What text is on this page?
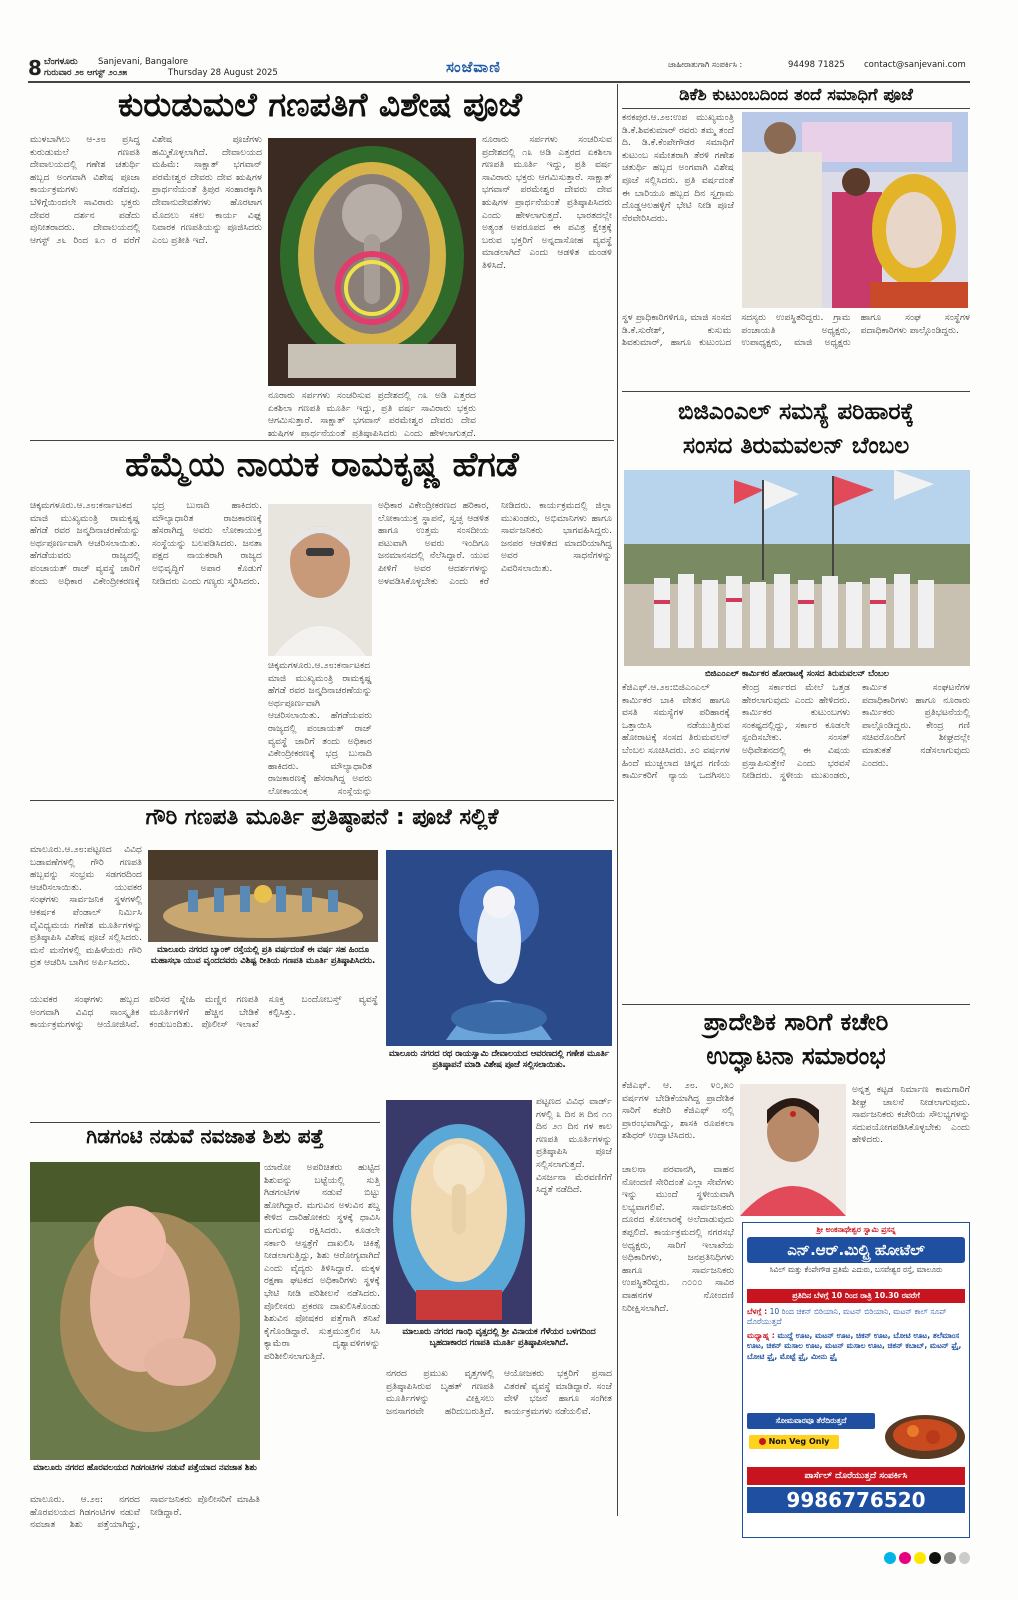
8 ಬೆಂಗಳೂರು Sanjevani, Bangalore
ಗುರುವಾರ ೨೮ ಆಗಸ್ಟ್ ೨೦೨೫	Thursday 28 August 2025	ಸಂಜೆವಾಣಿ	ಜಾಹೀರಾತುಗಾಗಿ ಸಂಪರ್ಕಿಸಿ :	94498 71825 contact@sanjevani.com
ಕುರುಡುಮಲೆ ಗಣಪತಿಗೆ ವಿಶೇಷ ಪೂಜೆ
ಮುಳಬಾಗಿಲು ಆ-೨೮ ಪ್ರಸಿದ್ಧ ಕುರುಡುಮಲೆ ಗಣಪತಿ ದೇವಾಲಯದಲ್ಲಿ ಗಣೇಶ ಚತುರ್ಥಿ ಹಬ್ಬದ ಅಂಗವಾಗಿ ವಿಶೇಷ ಪೂಜಾ ಕಾರ್ಯಕ್ರಮಗಳು ನಡೆದವು. ಬೆಳಿಗ್ಗೆಯಿಂದಲೇ ಸಾವಿರಾರು ಭಕ್ತರು ದೇವರ ದರ್ಶನ ಪಡೆದು ಪುನೀತರಾದರು. ದೇವಾಲಯದಲ್ಲಿ ಆಗಸ್ಟ್ ೨೬ ರಿಂದ ೩೧ ರ ವರೆಗೆ ವಿಶೇಷ ಪೂಜೆಗಳು ಹಮ್ಮಿಕೊಳ್ಳಲಾಗಿದೆ. ದೇವಾಲಯದ ಮಹಿಮೆ: ಸಾಕ್ಷಾತ್ ಭಗವಾನ್ ಪರಮೇಶ್ವರ ದೇವರು ದೇವ ಋಷಿಗಳ ಪ್ರಾರ್ಥನೆಯಂತೆ ತ್ರಿಪುರ ಸಂಹಾರಕ್ಕಾಗಿ ದೇವಾನುದೇವತೆಗಳು ಹೊರಟಾಗ ಮೊದಲು ಸಕಲ ಕಾರ್ಯ ವಿಘ್ನ ನಿವಾರಕ ಗಣಪತಿಯನ್ನು ಪೂಜಿಸಿದರು ಎಂಬ ಪ್ರತೀತಿ ಇದೆ.
ನೂರಾರು ಸರ್ಪಗಳು ಸಂಚರಿಸುವ ಪ್ರದೇಶದಲ್ಲಿ ೧೩ ಅಡಿ ಎತ್ತರದ ಏಕಶಿಲಾ ಗಣಪತಿ ಮೂರ್ತಿ ಇದ್ದು, ಪ್ರತಿ ವರ್ಷ ಸಾವಿರಾರು ಭಕ್ತರು ಆಗಮಿಸುತ್ತಾರೆ. ಸಾಕ್ಷಾತ್ ಭಗವಾನ್ ಪರಮೇಶ್ವರ ದೇವರು ದೇವ ಋಷಿಗಳ ಪ್ರಾರ್ಥನೆಯಂತೆ ಪ್ರತಿಷ್ಠಾಪಿಸಿದರು ಎಂದು ಹೇಳಲಾಗುತ್ತದೆ.
ನೂರಾರು ಸರ್ಪಗಳು ಸಂಚರಿಸುವ ಪ್ರದೇಶದಲ್ಲಿ ೧೩ ಅಡಿ ಎತ್ತರದ ಏಕಶಿಲಾ ಗಣಪತಿ ಮೂರ್ತಿ ಇದ್ದು, ಪ್ರತಿ ವರ್ಷ ಸಾವಿರಾರು ಭಕ್ತರು ಆಗಮಿಸುತ್ತಾರೆ. ಸಾಕ್ಷಾತ್ ಭಗವಾನ್ ಪರಮೇಶ್ವರ ದೇವರು ದೇವ ಋಷಿಗಳ ಪ್ರಾರ್ಥನೆಯಂತೆ ಪ್ರತಿಷ್ಠಾಪಿಸಿದರು ಎಂದು ಹೇಳಲಾಗುತ್ತದೆ. ಭಾರತದಲ್ಲೇ ಅತ್ಯಂತ ಅಪರೂಪದ ಈ ಪವಿತ್ರ ಕ್ಷೇತ್ರಕ್ಕೆ ಬರುವ ಭಕ್ತರಿಗೆ ಅನ್ನದಾಸೋಹ ವ್ಯವಸ್ಥೆ ಮಾಡಲಾಗಿದೆ ಎಂದು ಆಡಳಿತ ಮಂಡಳಿ ತಿಳಿಸಿದೆ.
ಡಿಕೆಶಿ ಕುಟುಂಬದಿಂದ ತಂದೆ ಸಮಾಧಿಗೆ ಪೂಜೆ
ಕನಕಪುರ.ಆ.೨೮:ಉಪ ಮುಖ್ಯಮಂತ್ರಿ ಡಿ.ಕೆ.ಶಿವಕುಮಾರ್ ರವರು ತಮ್ಮ ತಂದೆ ದಿ. ಡಿ.ಕೆ.ಕೆಂಪೇಗೌಡರ ಸಮಾಧಿಗೆ ಕುಟುಂಬ ಸಮೇತರಾಗಿ ತೆರಳಿ ಗಣೇಶ ಚತುರ್ಥಿ ಹಬ್ಬದ ಅಂಗವಾಗಿ ವಿಶೇಷ ಪೂಜೆ ಸಲ್ಲಿಸಿದರು. ಪ್ರತಿ ವರ್ಷದಂತೆ ಈ ಬಾರಿಯೂ ಹಬ್ಬದ ದಿನ ಸ್ವಗ್ರಾಮ ದೊಡ್ಡಆಲಹಳ್ಳಿಗೆ ಭೇಟಿ ನೀಡಿ ಪೂಜೆ ನೆರವೇರಿಸಿದರು.
ಸ್ಥಳ ಪ್ರಾಧಿಕಾರಿಗಳಿಗೂ, ಮಾಜಿ ಸಂಸದ ಡಿ.ಕೆ.ಸುರೇಶ್, ಕುಸುಮ ಶಿವಕುಮಾರ್, ಹಾಗೂ ಕುಟುಂಬದ ಸದಸ್ಯರು ಉಪಸ್ಥಿತರಿದ್ದರು. ಗ್ರಾಮ ಪಂಚಾಯತಿ ಅಧ್ಯಕ್ಷರು, ಉಪಾಧ್ಯಕ್ಷರು, ಮಾಜಿ ಅಧ್ಯಕ್ಷರು ಹಾಗೂ ಸಂಘ ಸಂಸ್ಥೆಗಳ ಪದಾಧಿಕಾರಿಗಳು ಪಾಲ್ಗೊಂಡಿದ್ದರು.
ಹೆಮ್ಮೆಯ ನಾಯಕ ರಾಮಕೃಷ್ಣ ಹೆಗಡೆ
ಚಿಕ್ಕಮಗಳೂರು.ಆ.೨೮:ಕರ್ನಾಟಕದ ಮಾಜಿ ಮುಖ್ಯಮಂತ್ರಿ ರಾಮಕೃಷ್ಣ ಹೆಗಡೆ ರವರ ಜನ್ಮದಿನಾಚರಣೆಯನ್ನು ಅರ್ಥಪೂರ್ಣವಾಗಿ ಆಚರಿಸಲಾಯಿತು. ಹೆಗಡೆಯವರು ರಾಜ್ಯದಲ್ಲಿ ಪಂಚಾಯತ್ ರಾಜ್ ವ್ಯವಸ್ಥೆ ಜಾರಿಗೆ ತಂದು ಅಧಿಕಾರ ವಿಕೇಂದ್ರೀಕರಣಕ್ಕೆ ಭದ್ರ ಬುನಾದಿ ಹಾಕಿದರು. ಮೌಲ್ಯಾಧಾರಿತ ರಾಜಕಾರಣಕ್ಕೆ ಹೆಸರಾಗಿದ್ದ ಅವರು ಲೋಕಾಯುಕ್ತ ಸಂಸ್ಥೆಯನ್ನು ಬಲಪಡಿಸಿದರು. ಜನತಾ ಪಕ್ಷದ ನಾಯಕರಾಗಿ ರಾಜ್ಯದ ಅಭಿವೃದ್ಧಿಗೆ ಅಪಾರ ಕೊಡುಗೆ ನೀಡಿದರು ಎಂದು ಗಣ್ಯರು ಸ್ಮರಿಸಿದರು.
ಚಿಕ್ಕಮಗಳೂರು.ಆ.೨೮:ಕರ್ನಾಟಕದ ಮಾಜಿ ಮುಖ್ಯಮಂತ್ರಿ ರಾಮಕೃಷ್ಣ ಹೆಗಡೆ ರವರ ಜನ್ಮದಿನಾಚರಣೆಯನ್ನು ಅರ್ಥಪೂರ್ಣವಾಗಿ ಆಚರಿಸಲಾಯಿತು. ಹೆಗಡೆಯವರು ರಾಜ್ಯದಲ್ಲಿ ಪಂಚಾಯತ್ ರಾಜ್ ವ್ಯವಸ್ಥೆ ಜಾರಿಗೆ ತಂದು ಅಧಿಕಾರ ವಿಕೇಂದ್ರೀಕರಣಕ್ಕೆ ಭದ್ರ ಬುನಾದಿ ಹಾಕಿದರು. ಮೌಲ್ಯಾಧಾರಿತ ರಾಜಕಾರಣಕ್ಕೆ ಹೆಸರಾಗಿದ್ದ ಅವರು ಲೋಕಾಯುಕ್ತ ಸಂಸ್ಥೆಯನ್ನು
ಅಧಿಕಾರ ವಿಕೇಂದ್ರೀಕರಣದ ಹರಿಕಾರ, ಲೋಕಾಯುಕ್ತ ಸ್ಥಾಪನೆ, ಸ್ವಚ್ಛ ಆಡಳಿತ ಹಾಗೂ ಉತ್ತಮ ಸಂಸದೀಯ ಪಟುವಾಗಿ ಅವರು ಇಂದಿಗೂ ಜನಮಾನಸದಲ್ಲಿ ನೆಲೆಸಿದ್ದಾರೆ. ಯುವ ಪೀಳಿಗೆ ಅವರ ಆದರ್ಶಗಳನ್ನು ಅಳವಡಿಸಿಕೊಳ್ಳಬೇಕು ಎಂದು ಕರೆ ನೀಡಿದರು. ಕಾರ್ಯಕ್ರಮದಲ್ಲಿ ಜಿಲ್ಲಾ ಮುಖಂಡರು, ಅಭಿಮಾನಿಗಳು ಹಾಗೂ ಸಾರ್ವಜನಿಕರು ಭಾಗವಹಿಸಿದ್ದರು. ಜನಪರ ಆಡಳಿತದ ಮಾದರಿಯಾಗಿದ್ದ ಅವರ ಸಾಧನೆಗಳನ್ನು ವಿವರಿಸಲಾಯಿತು.
ಬಿಜಿಎಂಎಲ್ ಸಮಸ್ಯೆ ಪರಿಹಾರಕ್ಕೆ
ಸಂಸದ ತಿರುಮವಲನ್ ಬೆಂಬಲ
ಬಿಜಿಎಂಎಲ್ ಕಾರ್ಮಿಕರ ಹೋರಾಟಕ್ಕೆ ಸಂಸದ ತಿರುಮವಲನ್ ಬೆಂಬಲ
ಕೆಜಿಎಫ್.ಆ.೨೮:ಬಿಜಿಎಂಎಲ್ ಕಾರ್ಮಿಕರ ಬಾಕಿ ವೇತನ ಹಾಗೂ ವಸತಿ ಸಮಸ್ಯೆಗಳ ಪರಿಹಾರಕ್ಕೆ ಒತ್ತಾಯಿಸಿ ನಡೆಯುತ್ತಿರುವ ಹೋರಾಟಕ್ಕೆ ಸಂಸದ ತಿರುಮವಲನ್ ಬೆಂಬಲ ಸೂಚಿಸಿದರು. ೨೦ ವರ್ಷಗಳ ಹಿಂದೆ ಮುಚ್ಚಲಾದ ಚಿನ್ನದ ಗಣಿಯ ಕಾರ್ಮಿಕರಿಗೆ ನ್ಯಾಯ ಒದಗಿಸಲು ಕೇಂದ್ರ ಸರ್ಕಾರದ ಮೇಲೆ ಒತ್ತಡ ಹೇರಲಾಗುವುದು ಎಂದು ಹೇಳಿದರು. ಕಾರ್ಮಿಕರ ಕುಟುಂಬಗಳು ಸಂಕಷ್ಟದಲ್ಲಿದ್ದು, ಸರ್ಕಾರ ಕೂಡಲೇ ಸ್ಪಂದಿಸಬೇಕು. ಸಂಸತ್ ಅಧಿವೇಶನದಲ್ಲಿ ಈ ವಿಷಯ ಪ್ರಸ್ತಾಪಿಸುತ್ತೇನೆ ಎಂದು ಭರವಸೆ ನೀಡಿದರು. ಸ್ಥಳೀಯ ಮುಖಂಡರು, ಕಾರ್ಮಿಕ ಸಂಘಟನೆಗಳ ಪದಾಧಿಕಾರಿಗಳು ಹಾಗೂ ನೂರಾರು ಕಾರ್ಮಿಕರು ಪ್ರತಿಭಟನೆಯಲ್ಲಿ ಪಾಲ್ಗೊಂಡಿದ್ದರು. ಕೇಂದ್ರ ಗಣಿ ಸಚಿವರೊಂದಿಗೆ ಶೀಘ್ರದಲ್ಲೇ ಮಾತುಕತೆ ನಡೆಸಲಾಗುವುದು ಎಂದರು.
ಗೌರಿ ಗಣಪತಿ ಮೂರ್ತಿ ಪ್ರತಿಷ್ಠಾಪನೆ : ಪೂಜೆ ಸಲ್ಲಿಕೆ
ಮಾಲೂರು.ಆ.೨೮:ಪಟ್ಟಣದ ವಿವಿಧ ಬಡಾವಣೆಗಳಲ್ಲಿ ಗೌರಿ ಗಣಪತಿ ಹಬ್ಬವನ್ನು ಸಂಭ್ರಮ ಸಡಗರದಿಂದ ಆಚರಿಸಲಾಯಿತು. ಯುವಕರ ಸಂಘಗಳು ಸಾರ್ವಜನಿಕ ಸ್ಥಳಗಳಲ್ಲಿ ಆಕರ್ಷಕ ಪೆಂಡಾಲ್ ನಿರ್ಮಿಸಿ ವೈವಿಧ್ಯಮಯ ಗಣೇಶ ಮೂರ್ತಿಗಳನ್ನು ಪ್ರತಿಷ್ಠಾಪಿಸಿ ವಿಶೇಷ ಪೂಜೆ ಸಲ್ಲಿಸಿದರು. ಮನೆ ಮನೆಗಳಲ್ಲಿ ಮಹಿಳೆಯರು ಗೌರಿ ವ್ರತ ಆಚರಿಸಿ ಬಾಗಿನ ಅರ್ಪಿಸಿದರು.
ಮಾಲೂರು ನಗರದ ಬ್ಯಾಂಕ್ ರಸ್ತೆಯಲ್ಲಿ ಪ್ರತಿ ವರ್ಷದಂತೆ ಈ ವರ್ಷ ಸಹ ಹಿಂದೂ ಮಹಾಸಭಾ ಯುವ ವೃಂದದವರು ವಿಶಿಷ್ಟ ರೀತಿಯ ಗಣಪತಿ ಮೂರ್ತಿ ಪ್ರತಿಷ್ಠಾಪಿಸಿದರು.
ಮಾಲೂರು ನಗರದ ರಥ ರಾಯಸ್ವಾಮಿ ದೇವಾಲಯದ ಆವರಣದಲ್ಲಿ ಗಣೇಶ ಮೂರ್ತಿ ಪ್ರತಿಷ್ಠಾಪನೆ ಮಾಡಿ ವಿಶೇಷ ಪೂಜೆ ಸಲ್ಲಿಸಲಾಯಿತು.
ಯುವಕರ ಸಂಘಗಳು ಹಬ್ಬದ ಅಂಗವಾಗಿ ವಿವಿಧ ಸಾಂಸ್ಕೃತಿಕ ಕಾರ್ಯಕ್ರಮಗಳನ್ನು ಆಯೋಜಿಸಿವೆ. ಪರಿಸರ ಸ್ನೇಹಿ ಮಣ್ಣಿನ ಗಣಪತಿ ಮೂರ್ತಿಗಳಿಗೆ ಹೆಚ್ಚಿನ ಬೇಡಿಕೆ ಕಂಡುಬಂದಿತು. ಪೊಲೀಸ್ ಇಲಾಖೆ ಸೂಕ್ತ ಬಂದೋಬಸ್ತ್ ವ್ಯವಸ್ಥೆ ಕಲ್ಪಿಸಿತ್ತು.
ಮಾಲೂರು ನಗರದ ಗಾಂಧಿ ವೃತ್ತದಲ್ಲಿ ಶ್ರೀ ವಿನಾಯಕ ಗೆಳೆಯರ ಬಳಗದಿಂದ ಬೃಹದಾಕಾರದ ಗಣಪತಿ ಮೂರ್ತಿ ಪ್ರತಿಷ್ಠಾಪಿಸಲಾಗಿದೆ.
ಪಟ್ಟಣದ ವಿವಿಧ ವಾರ್ಡ್ ಗಳಲ್ಲಿ ೩ ದಿನ ೫ ದಿನ ೧೧ ದಿನ ೨೧ ದಿನ ಗಳ ಕಾಲ ಗಣಪತಿ ಮೂರ್ತಿಗಳನ್ನು ಪ್ರತಿಷ್ಠಾಪಿಸಿ ಪೂಜೆ ಸಲ್ಲಿಸಲಾಗುತ್ತದೆ. ವಿಸರ್ಜನಾ ಮೆರವಣಿಗೆಗೆ ಸಿದ್ಧತೆ ನಡೆದಿದೆ.
ನಗರದ ಪ್ರಮುಖ ವೃತ್ತಗಳಲ್ಲಿ ಪ್ರತಿಷ್ಠಾಪಿಸಿರುವ ಬೃಹತ್ ಗಣಪತಿ ಮೂರ್ತಿಗಳನ್ನು ವೀಕ್ಷಿಸಲು ಜನಸಾಗರವೇ ಹರಿದುಬರುತ್ತಿದೆ. ಆಯೋಜಕರು ಭಕ್ತರಿಗೆ ಪ್ರಸಾದ ವಿತರಣೆ ವ್ಯವಸ್ಥೆ ಮಾಡಿದ್ದಾರೆ. ಸಂಜೆ ವೇಳೆ ಭಜನೆ ಹಾಗೂ ಸಂಗೀತ ಕಾರ್ಯಕ್ರಮಗಳು ನಡೆಯಲಿವೆ.
ಗಿಡಗಂಟಿ ನಡುವೆ ನವಜಾತ ಶಿಶು ಪತ್ತೆ
ಮಾಲೂರು ನಗರದ ಹೊರವಲಯದ ಗಿಡಗಂಟಿಗಳ ನಡುವೆ ಪತ್ತೆಯಾದ ನವಜಾತ ಶಿಶು
ಮಾಲೂರು. ಆ.೨೮: ನಗರದ ಹೊರವಲಯದ ಗಿಡಗಂಟಿಗಳ ನಡುವೆ ನವಜಾತ ಶಿಶು ಪತ್ತೆಯಾಗಿದ್ದು, ಸಾರ್ವಜನಿಕರು ಪೊಲೀಸರಿಗೆ ಮಾಹಿತಿ ನೀಡಿದ್ದಾರೆ.
ಯಾರೋ ಅಪರಿಚಿತರು ಹುಟ್ಟಿದ ಶಿಶುವನ್ನು ಬಟ್ಟೆಯಲ್ಲಿ ಸುತ್ತಿ ಗಿಡಗಂಟಿಗಳ ನಡುವೆ ಬಿಟ್ಟು ಹೋಗಿದ್ದಾರೆ. ಮಗುವಿನ ಅಳುವಿನ ಶಬ್ದ ಕೇಳಿದ ದಾರಿಹೋಕರು ಸ್ಥಳಕ್ಕೆ ಧಾವಿಸಿ ಮಗುವನ್ನು ರಕ್ಷಿಸಿದರು. ಕೂಡಲೇ ಸರ್ಕಾರಿ ಆಸ್ಪತ್ರೆಗೆ ದಾಖಲಿಸಿ ಚಿಕಿತ್ಸೆ ನೀಡಲಾಗುತ್ತಿದ್ದು, ಶಿಶು ಆರೋಗ್ಯವಾಗಿದೆ ಎಂದು ವೈದ್ಯರು ತಿಳಿಸಿದ್ದಾರೆ. ಮಕ್ಕಳ ರಕ್ಷಣಾ ಘಟಕದ ಅಧಿಕಾರಿಗಳು ಸ್ಥಳಕ್ಕೆ ಭೇಟಿ ನೀಡಿ ಪರಿಶೀಲನೆ ನಡೆಸಿದರು. ಪೊಲೀಸರು ಪ್ರಕರಣ ದಾಖಲಿಸಿಕೊಂಡು ಶಿಶುವಿನ ಪೋಷಕರ ಪತ್ತೆಗಾಗಿ ತನಿಖೆ ಕೈಗೊಂಡಿದ್ದಾರೆ. ಸುತ್ತಮುತ್ತಲಿನ ಸಿಸಿ ಕ್ಯಾಮೆರಾ ದೃಶ್ಯಾವಳಿಗಳನ್ನು ಪರಿಶೀಲಿಸಲಾಗುತ್ತಿದೆ.
ಪ್ರಾದೇಶಿಕ ಸಾರಿಗೆ ಕಚೇರಿ
ಉದ್ಘಾಟನಾ ಸಮಾರಂಭ
ಕೆಜಿಎಫ್. ಆ. ೨೮. ೪೦,೫೦ ವರ್ಷಗಳ ಬೇಡಿಕೆಯಾಗಿದ್ದ ಪ್ರಾದೇಶಿಕ ಸಾರಿಗೆ ಕಚೇರಿ ಕೆಜಿಎಫ್ ನಲ್ಲಿ ಪ್ರಾರಂಭವಾಗಿದ್ದು, ಶಾಸಕಿ ರೂಪಕಲಾ ಶಶಿಧರ್ ಉದ್ಘಾಟಿಸಿದರು.
ಅನ್ನತ್ತ ಕಟ್ಟಡ ನಿರ್ಮಾಣ ಕಾಮಗಾರಿಗೆ ಶೀಘ್ರ ಚಾಲನೆ ನೀಡಲಾಗುವುದು. ಸಾರ್ವಜನಿಕರು ಕಚೇರಿಯ ಸೌಲಭ್ಯಗಳನ್ನು ಸದುಪಯೋಗಪಡಿಸಿಕೊಳ್ಳಬೇಕು ಎಂದು ಹೇಳಿದರು.
ಚಾಲನಾ ಪರವಾನಗಿ, ವಾಹನ ನೋಂದಣಿ ಸೇರಿದಂತೆ ಎಲ್ಲಾ ಸೇವೆಗಳು ಇನ್ನು ಮುಂದೆ ಸ್ಥಳೀಯವಾಗಿ ಲಭ್ಯವಾಗಲಿವೆ. ಸಾರ್ವಜನಿಕರು ದೂರದ ಕೋಲಾರಕ್ಕೆ ಅಲೆದಾಡುವುದು ತಪ್ಪಲಿದೆ. ಕಾರ್ಯಕ್ರಮದಲ್ಲಿ ನಗರಸಭೆ ಅಧ್ಯಕ್ಷರು, ಸಾರಿಗೆ ಇಲಾಖೆಯ ಅಧಿಕಾರಿಗಳು, ಜನಪ್ರತಿನಿಧಿಗಳು ಹಾಗೂ ಸಾರ್ವಜನಿಕರು ಉಪಸ್ಥಿತರಿದ್ದರು. ೧೦೦೦ ಸಾವಿರ ವಾಹನಗಳ ನೋಂದಣಿ ನಿರೀಕ್ಷಿಸಲಾಗಿದೆ.
ಶ್ರೀ ಅಂಕನಾಥೇಶ್ವರ ಸ್ವಾಮಿ ಪ್ರಸನ್ನ
ಎನ್.ಆರ್.ಮಿಲ್ಟ್ರಿ ಹೋಟೆಲ್
ಸಿವಿಲ್ ಮತ್ತು ಕೆಂಪೇಗೌಡ ಪ್ರತಿಮೆ ಎದುರು, ಬಸವೇಶ್ವರ ರಸ್ತೆ, ಮಾಲೂರು
ಪ್ರತಿದಿನ ಬೆಳಗ್ಗೆ 10 ರಿಂದ ರಾತ್ರಿ 10.30 ರವರೆಗೆ
ಬೆಳಗ್ಗೆ : 10 ರಿಂದ ಚಿಕನ್ ಬಿರಿಯಾನಿ, ಮಟನ್ ಬಿರಿಯಾನಿ, ಮಟನ್ ಕಾಲ್ ಸೂಪ್ ದೊರೆಯುತ್ತದೆ
ಮಧ್ಯಾಹ್ನ : ಮುದ್ದೆ ಊಟ, ಮಟನ್ ಊಟ, ಚಿಕನ್ ಊಟ, ಬೋಟಿ ಊಟ, ತಲೆಮಾಂಸ ಊಟ, ಚಿಕನ್ ಮಸಾಲ ಊಟ, ಮಟನ್ ಮಸಾಲ ಊಟ, ಚಿಕನ್ ಕಬಾಬ್, ಮಟನ್ ಫ್ರೈ, ಬೋಟಿ ಫ್ರೈ, ಮೊಟ್ಟೆ ಫ್ರೈ, ಮೀನು ಫ್ರೈ
ಸೋಮವಾರವೂ ತೆರೆದಿರುತ್ತದೆ
Non Veg Only
ಪಾರ್ಸೆಲ್ ದೊರೆಯುತ್ತದೆ ಸಂಪರ್ಕಿಸಿ
9986776520
